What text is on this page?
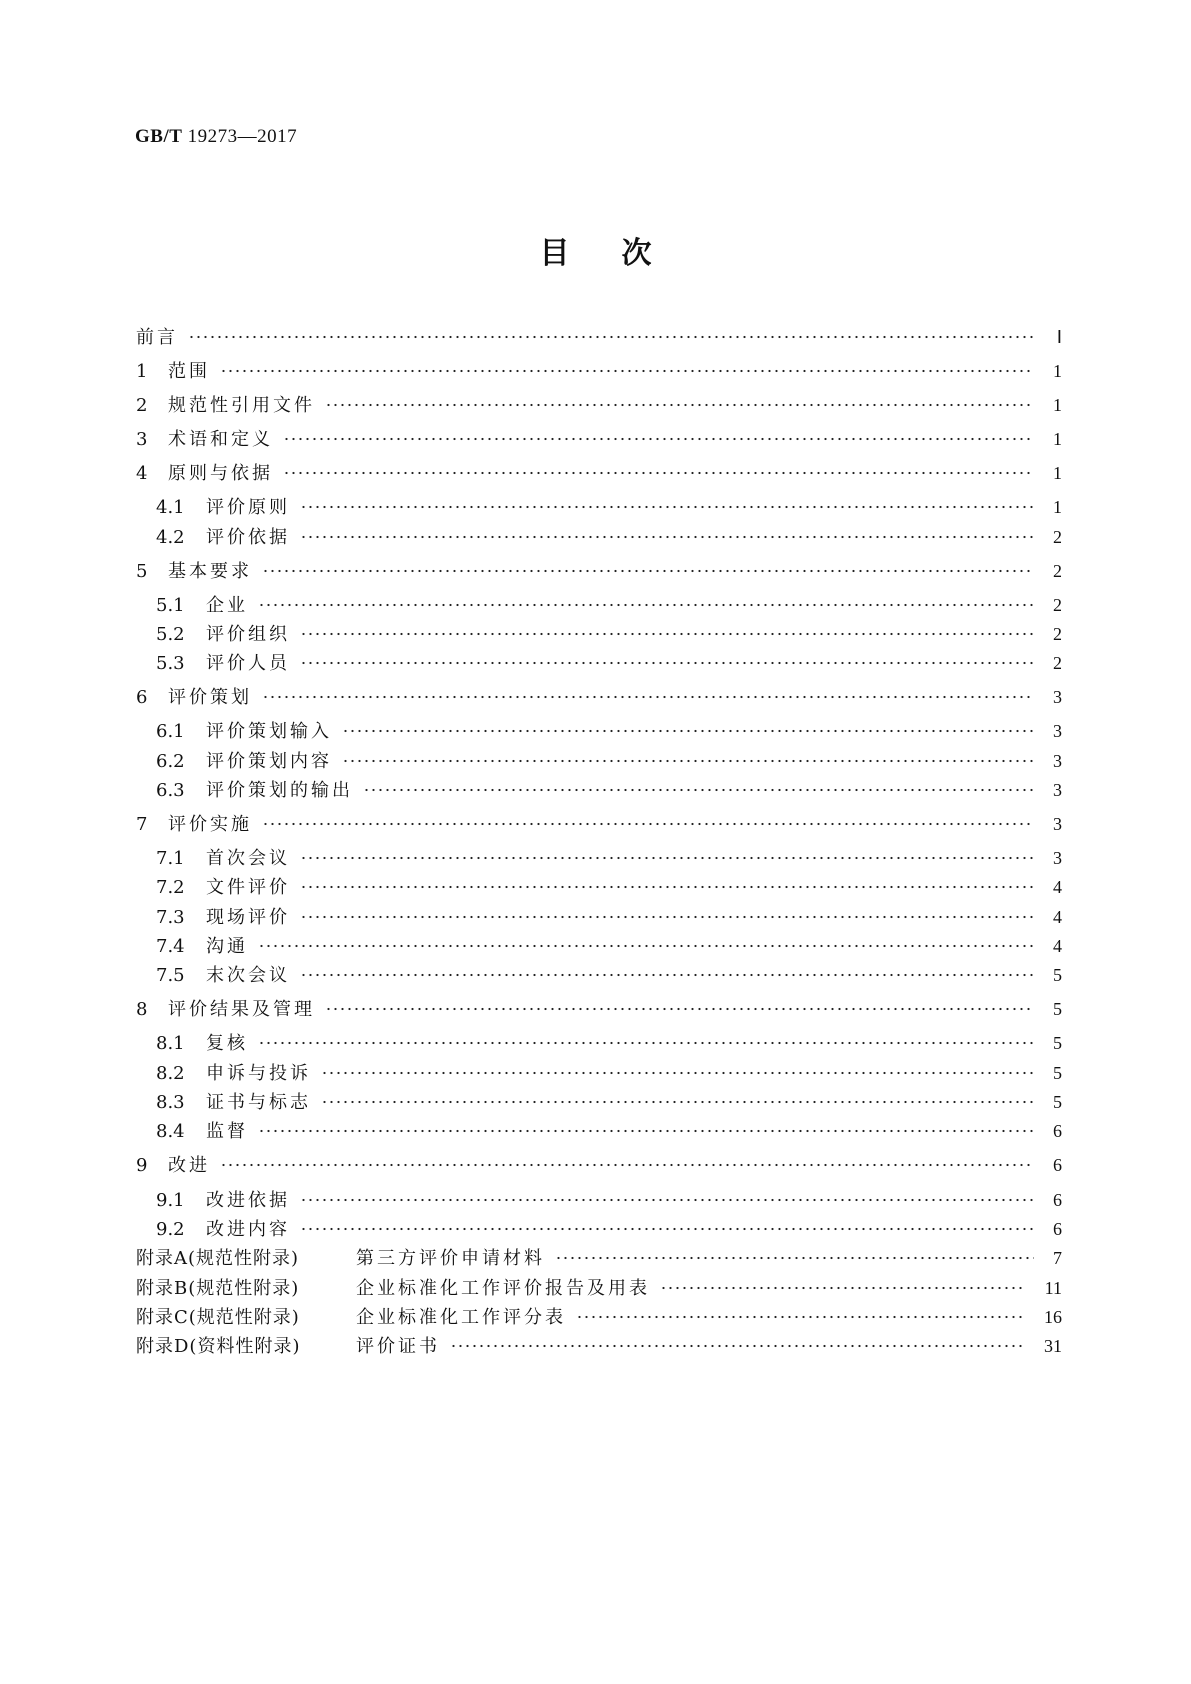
GB/T 19273—2017
目次
前言	Ⅰ
1	范围	1
2	规范性引用文件	1
3	术语和定义	1
4	原则与依据	1
4.1	评价原则	1
4.2	评价依据	2
5	基本要求	2
5.1	企业	2
5.2	评价组织	2
5.3	评价人员	2
6	评价策划	3
6.1	评价策划输入	3
6.2	评价策划内容	3
6.3	评价策划的输出	3
7	评价实施	3
7.1	首次会议	3
7.2	文件评价	4
7.3	现场评价	4
7.4	沟通	4
7.5	末次会议	5
8	评价结果及管理	5
8.1	复核	5
8.2	申诉与投诉	5
8.3	证书与标志	5
8.4	监督	6
9	改进	6
9.1	改进依据	6
9.2	改进内容	6
附录A(规范性附录)	第三方评价申请材料	7
附录B(规范性附录)	企业标准化工作评价报告及用表	11
附录C(规范性附录)	企业标准化工作评分表	16
附录D(资料性附录)	评价证书	31
